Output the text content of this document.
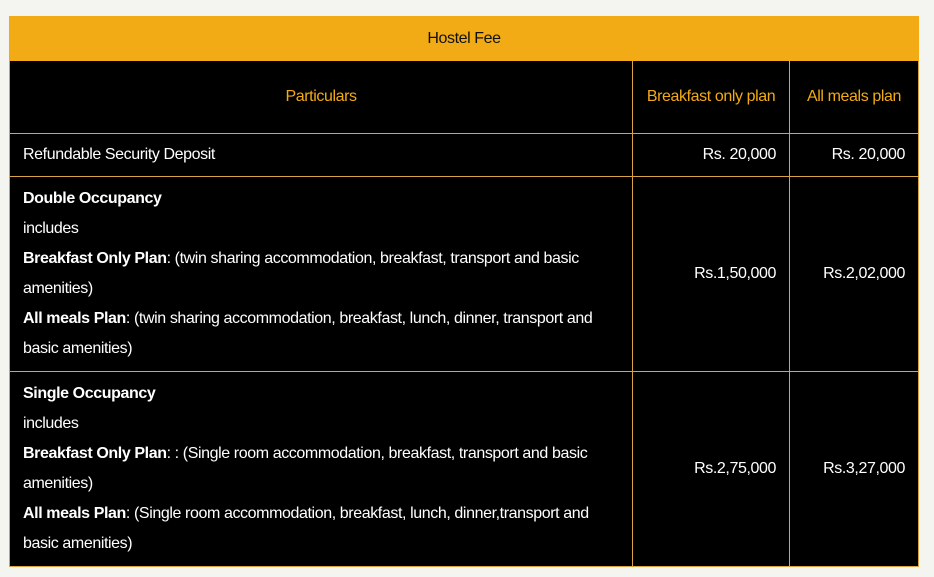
Hostel Fee		
Particulars	Breakfast only plan	All meals plan
Refundable Security Deposit	Rs. 20,000	Rs. 20,000
Double Occupancy
includes
Breakfast Only Plan: (twin sharing accommodation, breakfast, transport and basic amenities)
All meals Plan: (twin sharing accommodation, breakfast, lunch, dinner, transport and basic amenities)	Rs.1,50,000	Rs.2,02,000
Single Occupancy
includes
Breakfast Only Plan: : (Single room accommodation, breakfast, transport and basic amenities)
All meals Plan: (Single room accommodation, breakfast, lunch, dinner,transport and basic amenities)	Rs.2,75,000	Rs.3,27,000
